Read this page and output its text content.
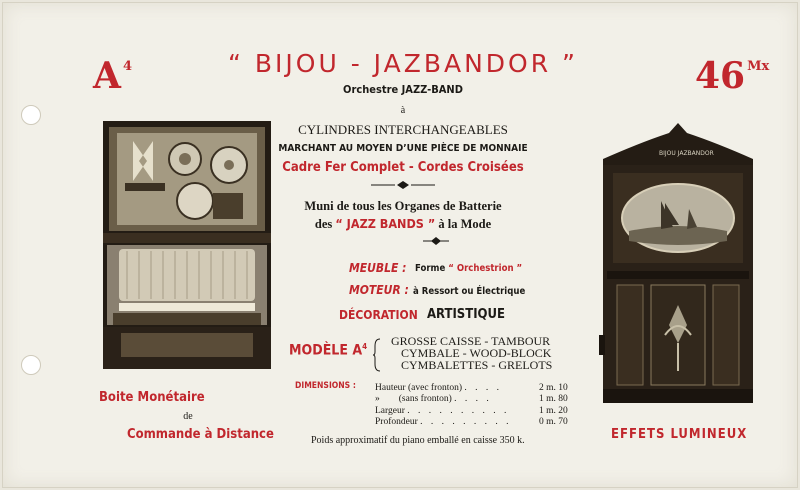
A $^4$	46 $^{Mx}$
“ BIJOU - JAZBANDOR ”
Orchestre JAZZ-BAND
à
CYLINDRES INTERCHANGEABLES
MARCHANT AU MOYEN D’UNE PIÈCE DE MONNAIE
Cadre Fer Complet - Cordes Croisées
Muni de tous les Organes de Batterie
des “ JAZZ BANDS ” à la Mode
MEUBLE : Forme “ Orchestrion ”
MOTEUR : à Ressort ou Électrique
DÉCORATION ARTISTIQUE
MODÈLE $A^4$ GROSSE CAISSE - TAMBOUR
CYMBALE - WOOD-BLOCK
CYMBALETTES - GRELOTS
DIMENSIONS : Hauteur (avec fronton) . . . .	2 m. 10
»        (sans fronton) . . . .	1 m. 80
Largeur . . . . . . . . . .	1 m. 20
Profondeur . . . . . . . . .	0 m. 70
Poids approximatif du piano emballé en caisse 350 k.
Boite Monétaire
de
Commande à Distance	EFFETS LUMINEUX
BIJOU JAZBANDOR
